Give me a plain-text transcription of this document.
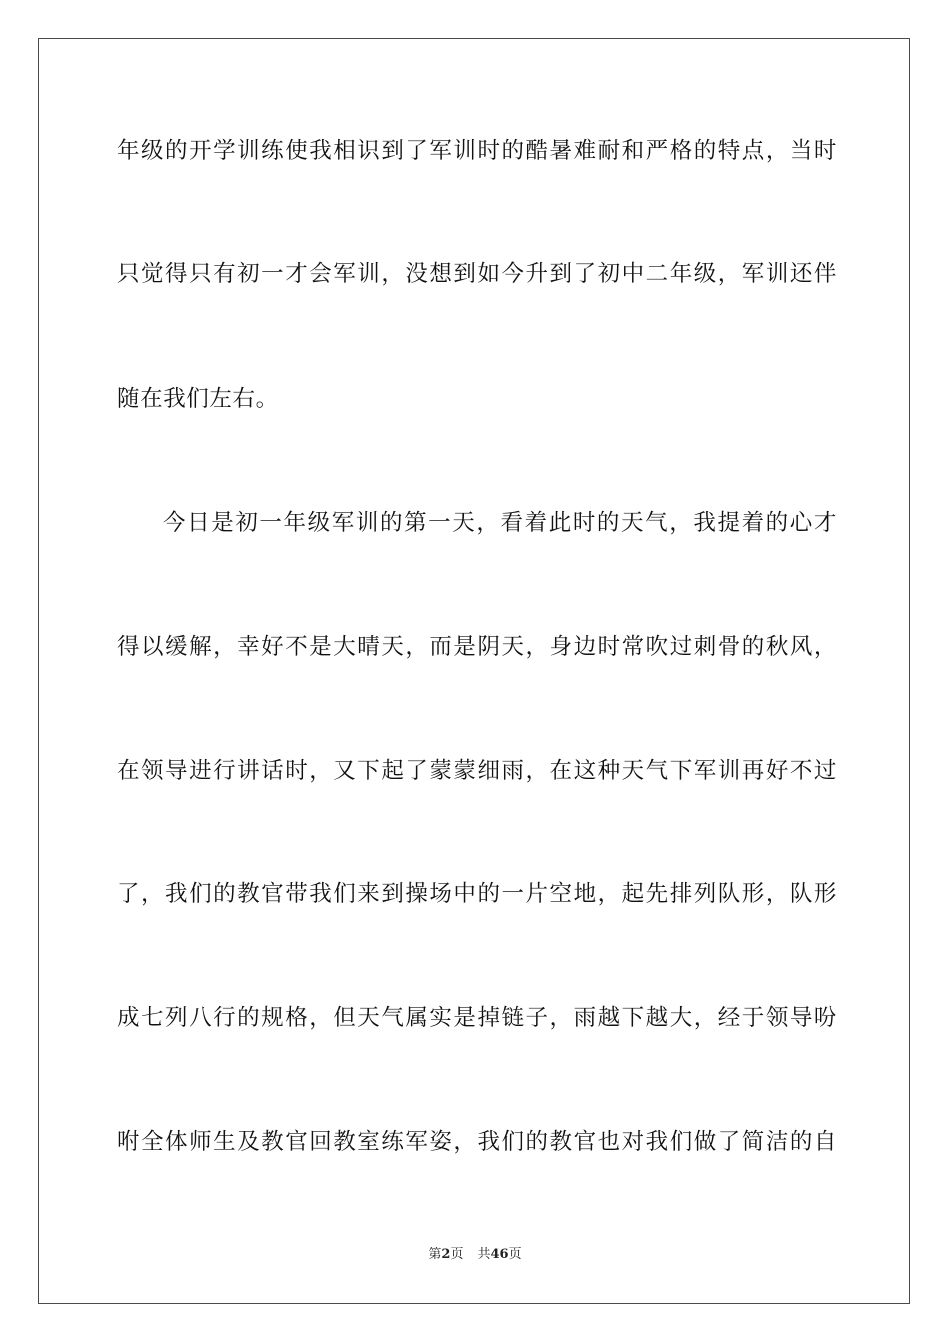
年级的开学训练使我相识到了军训时的酷暑难耐和严格的特点，当时
只觉得只有初一才会军训，没想到如今升到了初中二年级，军训还伴
随在我们左右。
今日是初一年级军训的第一天，看着此时的天气，我提着的心才
得以缓解，幸好不是大晴天，而是阴天，身边时常吹过刺骨的秋风，
在领导进行讲话时，又下起了蒙蒙细雨，在这种天气下军训再好不过
了，我们的教官带我们来到操场中的一片空地，起先排列队形，队形
成七列八行的规格，但天气属实是掉链子，雨越下越大，经于领导吩
咐全体师生及教官回教室练军姿，我们的教官也对我们做了简洁的自
第2页 共46页
